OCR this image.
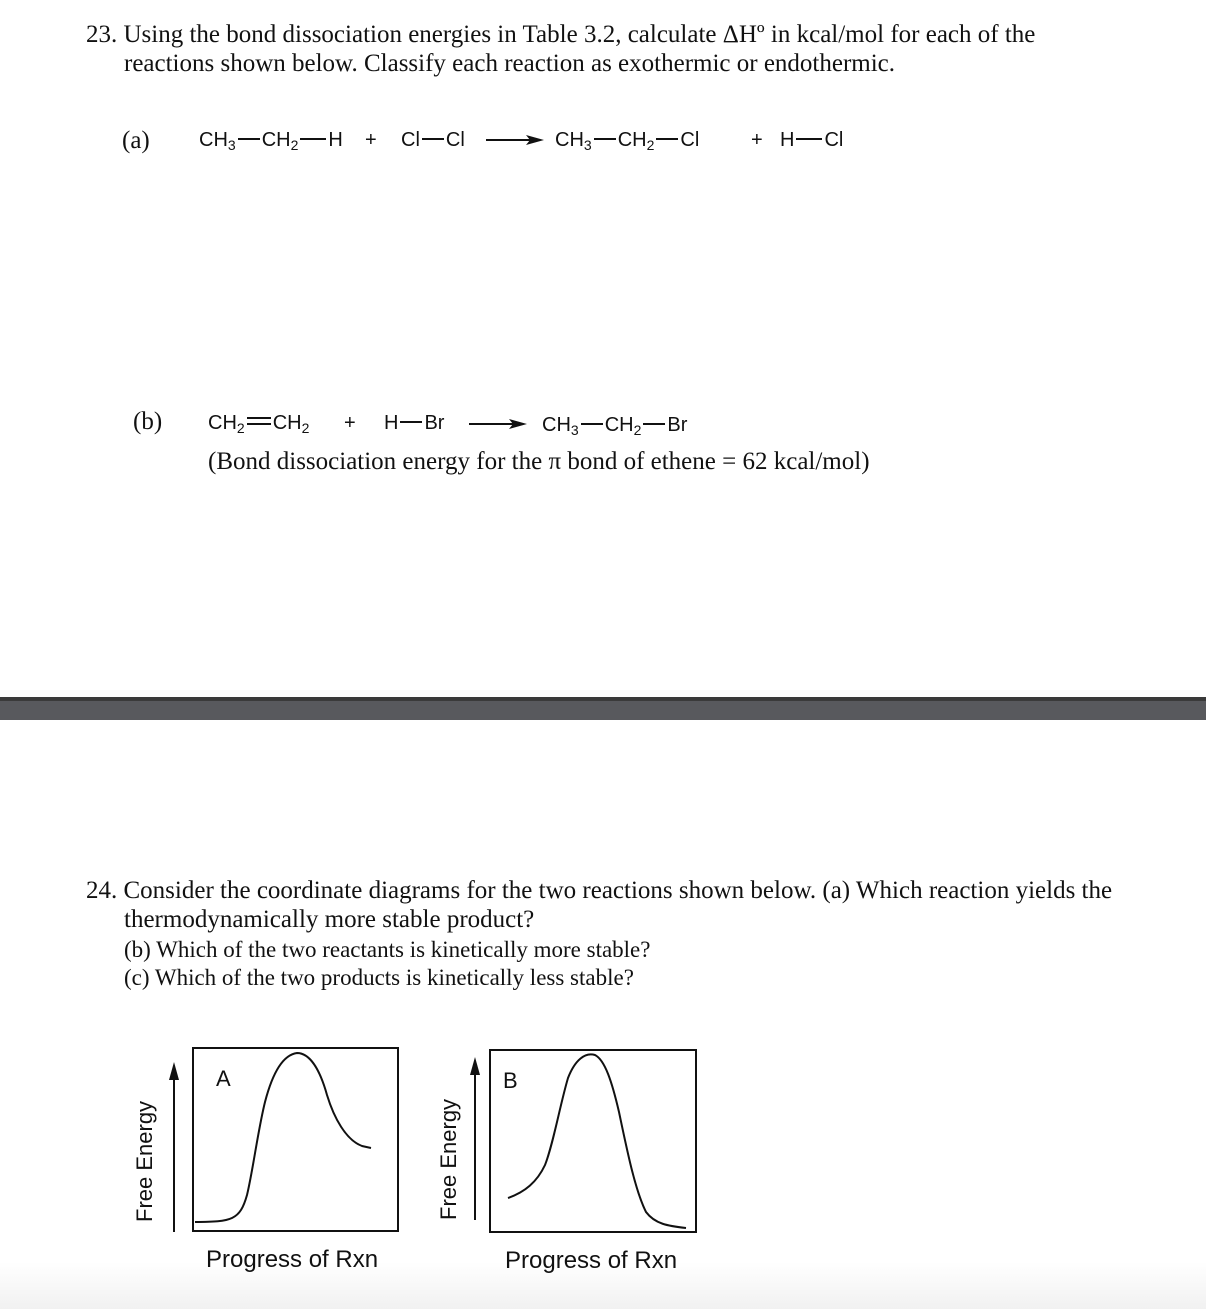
23. Using the bond dissociation energies in Table 3.2, calculate ΔHº in kcal/mol for each of the
reactions shown below. Classify each reaction as exothermic or endothermic.
(a) $CH_3$ $CH_2$ H + Cl Cl	$CH_3$ $CH_2$ Cl	+ H Cl
(b) $CH_2$ $CH_2 + H$ Br	$CH_3$ $CH_2$ Br
(Bond dissociation energy for the π bond of ethene = 62 kcal/mol)
24. Consider the coordinate diagrams for the two reactions shown below. (a) Which reaction yields the
thermodynamically more stable product?
(b) Which of the two reactants is kinetically more stable?
(c) Which of the two products is kinetically less stable?
Free Energy
A
Progress of Rxn
Free Energy
B
Progress of Rxn
